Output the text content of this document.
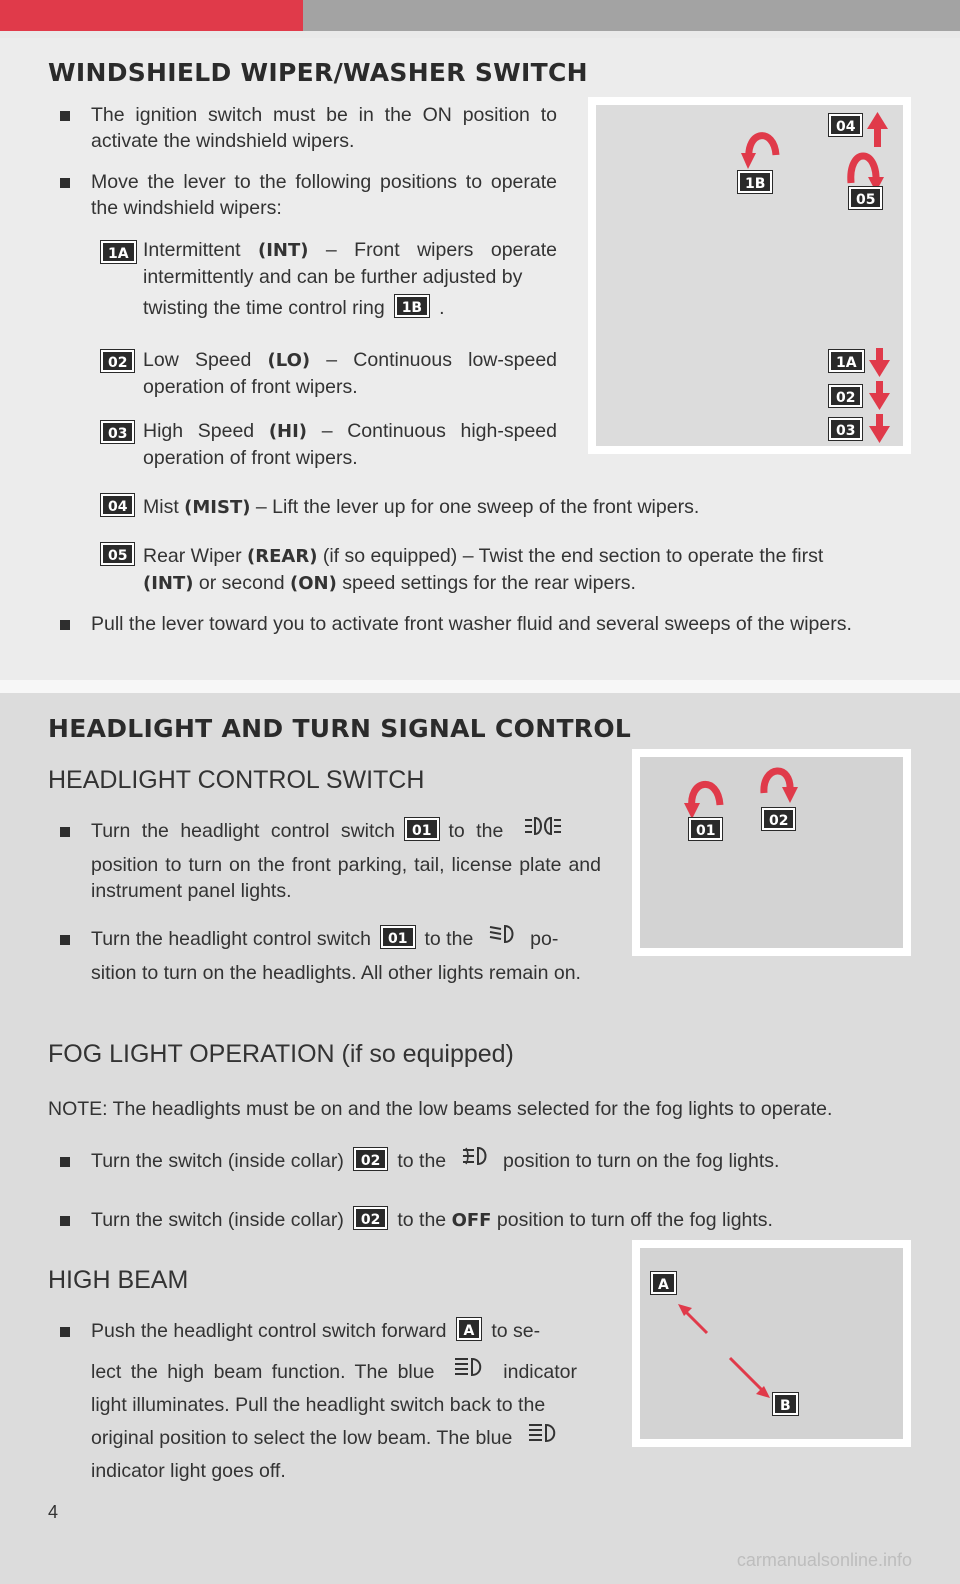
WINDSHIELD WIPER/WASHER SWITCH
The ignition switch must be in the ON position to activate the windshield wipers.
Move the lever to the following positions to operate the windshield wipers:
1A Intermittent (INT) – Front wipers operate intermittently and can be further adjusted by
twisting the time control ring 1B .
02 Low Speed (LO) – Continuous low-speed operation of front wipers.
03 High Speed (HI) – Continuous high-speed operation of front wipers.
04 Mist (MIST) – Lift the lever up for one sweep of the front wipers.
05 Rear Wiper (REAR) (if so equipped) – Twist the end section to operate the first
(INT) or second (ON) speed settings for the rear wipers.
Pull the lever toward you to activate front washer fluid and several sweeps of the wipers.
04
1B
05
1A
02
03
HEADLIGHT AND TURN SIGNAL CONTROL
HEADLIGHT CONTROL SWITCH
Turn the headlight control switch 01 to the
position to turn on the front parking, tail, license plate and instrument panel lights.
Turn the headlight control switch 01 to the	po-
sition to turn on the headlights. All other lights remain on.
01
02
FOG LIGHT OPERATION (if so equipped)
NOTE: The headlights must be on and the low beams selected for the fog lights to operate.
Turn the switch (inside collar) 02 to the	position to turn on the fog lights.
Turn the switch (inside collar) 02 to the OFF position to turn off the fog lights.
HIGH BEAM
Push the headlight control switch forward A to se-
lect the high beam function. The blue	indicator
light illuminates. Pull the headlight switch back to the
original position to select the low beam. The blue
indicator light goes off.
A
B
4
carmanualsonline.info
